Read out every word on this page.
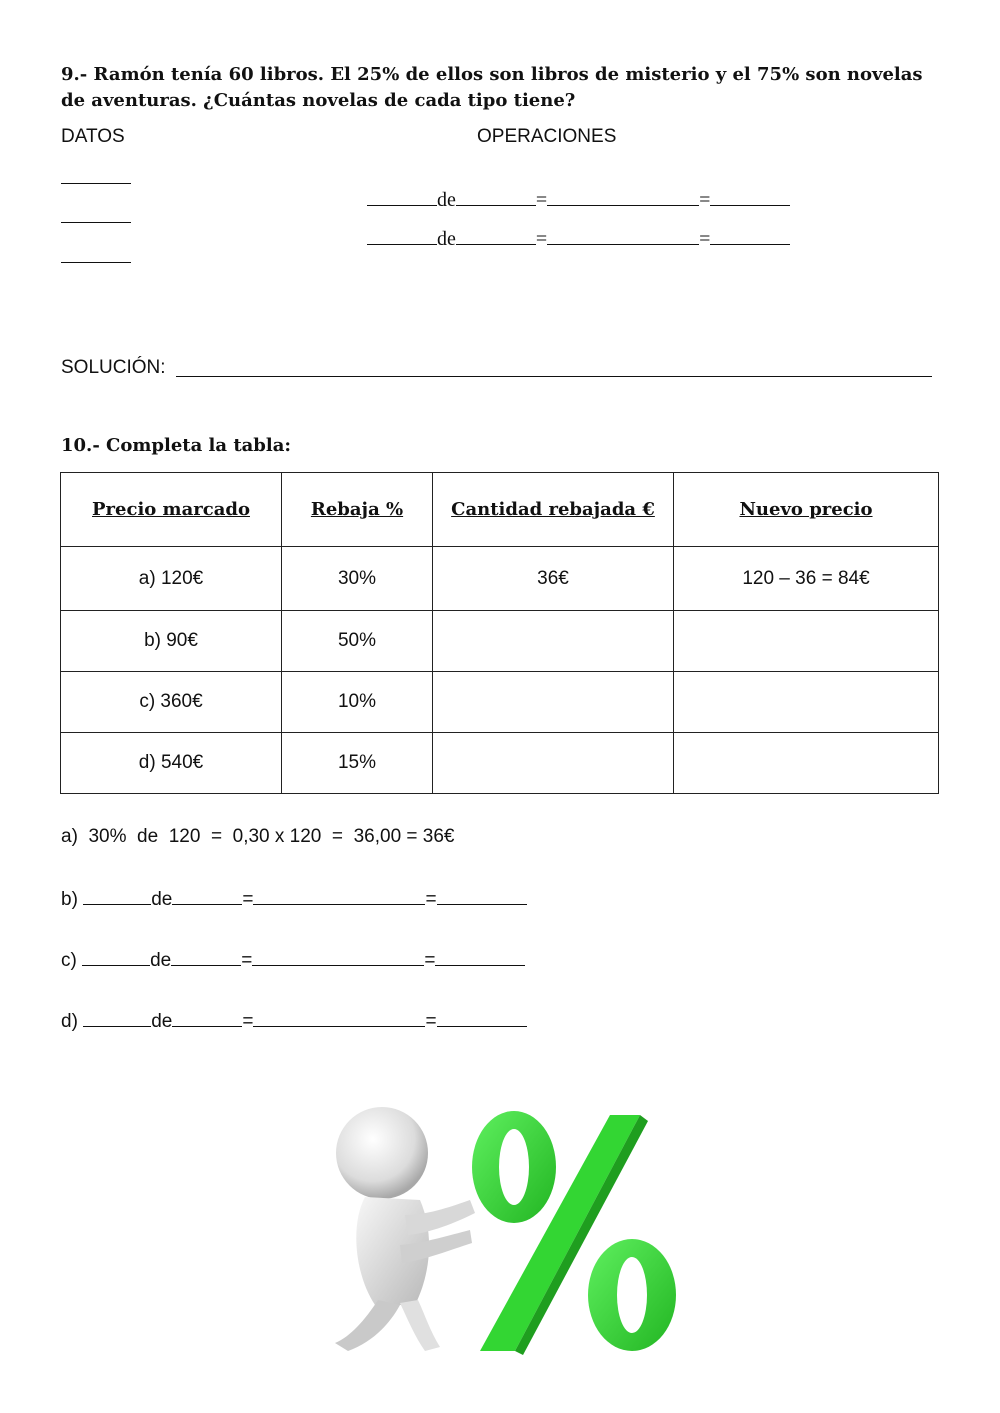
9.- Ramón tenía 60 libros. El 25% de ellos son libros de misterio y el 75% son novelas de aventuras. ¿Cuántas novelas de cada tipo tiene?
DATOS	OPERACIONES

de	=	=

de	=	=

SOLUCIÓN:
10.- Completa la tabla:
Precio marcado	Rebaja %	Cantidad rebajada €	Nuevo precio
a) 120€	30%	36€	120 – 36 = 84€
b) 90€	50%		
c) 360€	10%		
d) 540€	15%		
a)  30%  de  120  =  0,30 x 120  =  36,00 = 36€
b)	de	=	=
c)	de	=	=
d)	de	=	=
